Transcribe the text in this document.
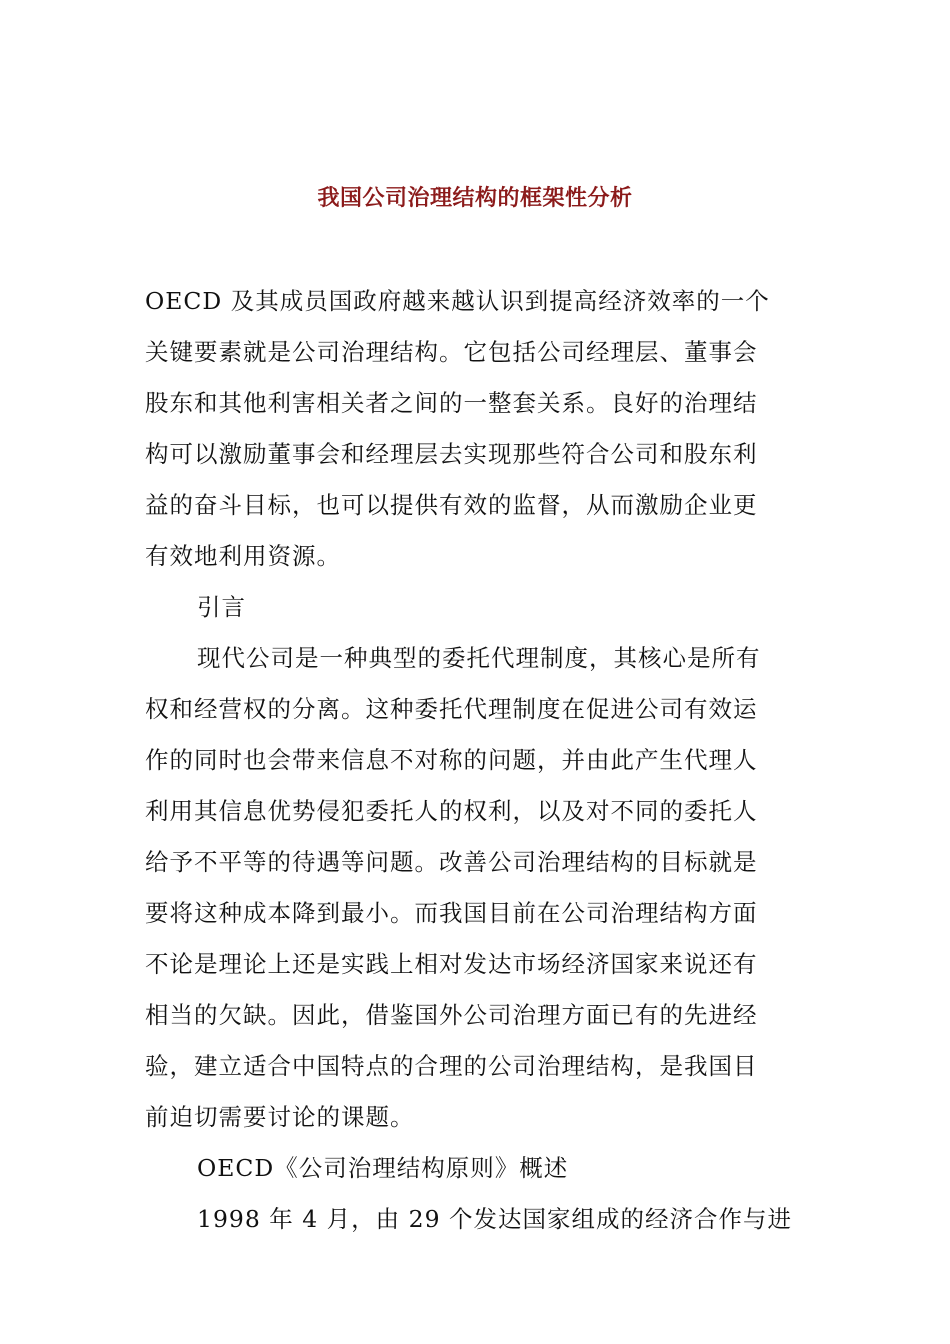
我国公司治理结构的框架性分析
OECD 及其成员国政府越来越认识到提高经济效率的一个
关键要素就是公司治理结构。它包括公司经理层、董事会
股东和其他利害相关者之间的一整套关系。良好的治理结
构可以激励董事会和经理层去实现那些符合公司和股东利
益的奋斗目标，也可以提供有效的监督，从而激励企业更
有效地利用资源。
引言
现代公司是一种典型的委托代理制度，其核心是所有
权和经营权的分离。这种委托代理制度在促进公司有效运
作的同时也会带来信息不对称的问题，并由此产生代理人
利用其信息优势侵犯委托人的权利，以及对不同的委托人
给予不平等的待遇等问题。改善公司治理结构的目标就是
要将这种成本降到最小。而我国目前在公司治理结构方面
不论是理论上还是实践上相对发达市场经济国家来说还有
相当的欠缺。因此，借鉴国外公司治理方面已有的先进经
验，建立适合中国特点的合理的公司治理结构，是我国目
前迫切需要讨论的课题。
OECD《公司治理结构原则》概述
1998 年 4 月，由 29 个发达国家组成的经济合作与进
